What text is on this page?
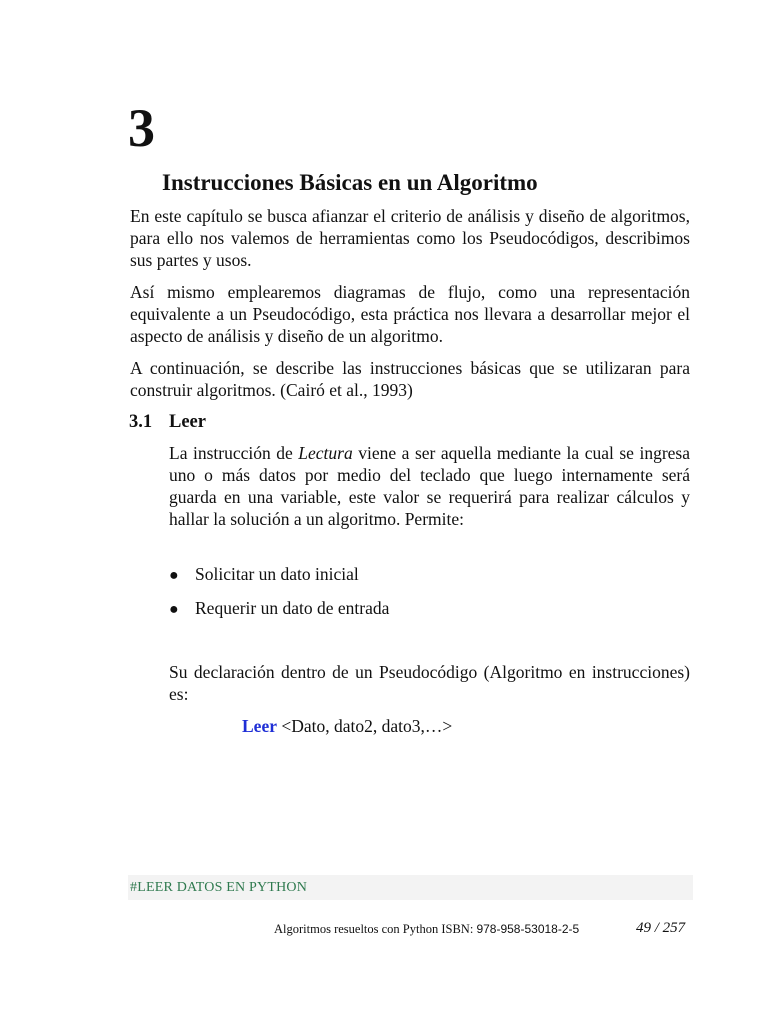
3
Instrucciones Básicas en un Algoritmo
En este capítulo se busca afianzar el criterio de análisis y diseño de algoritmos, para ello nos valemos de herramientas como los Pseudocódigos, describimos sus partes y usos.
Así mismo emplearemos diagramas de flujo, como una representación equivalente a un Pseudocódigo, esta práctica nos llevara a desarrollar mejor el aspecto de análisis y diseño de un algoritmo.
A continuación, se describe las instrucciones básicas que se utilizaran para construir algoritmos. (Cairó et al., 1993)
3.1 Leer
La instrucción de Lectura viene a ser aquella mediante la cual se ingresa uno o más datos por medio del teclado que luego internamente será guarda en una variable, este valor se requerirá para realizar cálculos y hallar la solución a un algoritmo. Permite:
● Solicitar un dato inicial
● Requerir un dato de entrada
Su declaración dentro de un Pseudocódigo (Algoritmo en instrucciones) es:
Leer <Dato, dato2, dato3,…>
#LEER DATOS EN PYTHON
Algoritmos resueltos con Python ISBN: 978-958-53018-2-5	49 / 257
